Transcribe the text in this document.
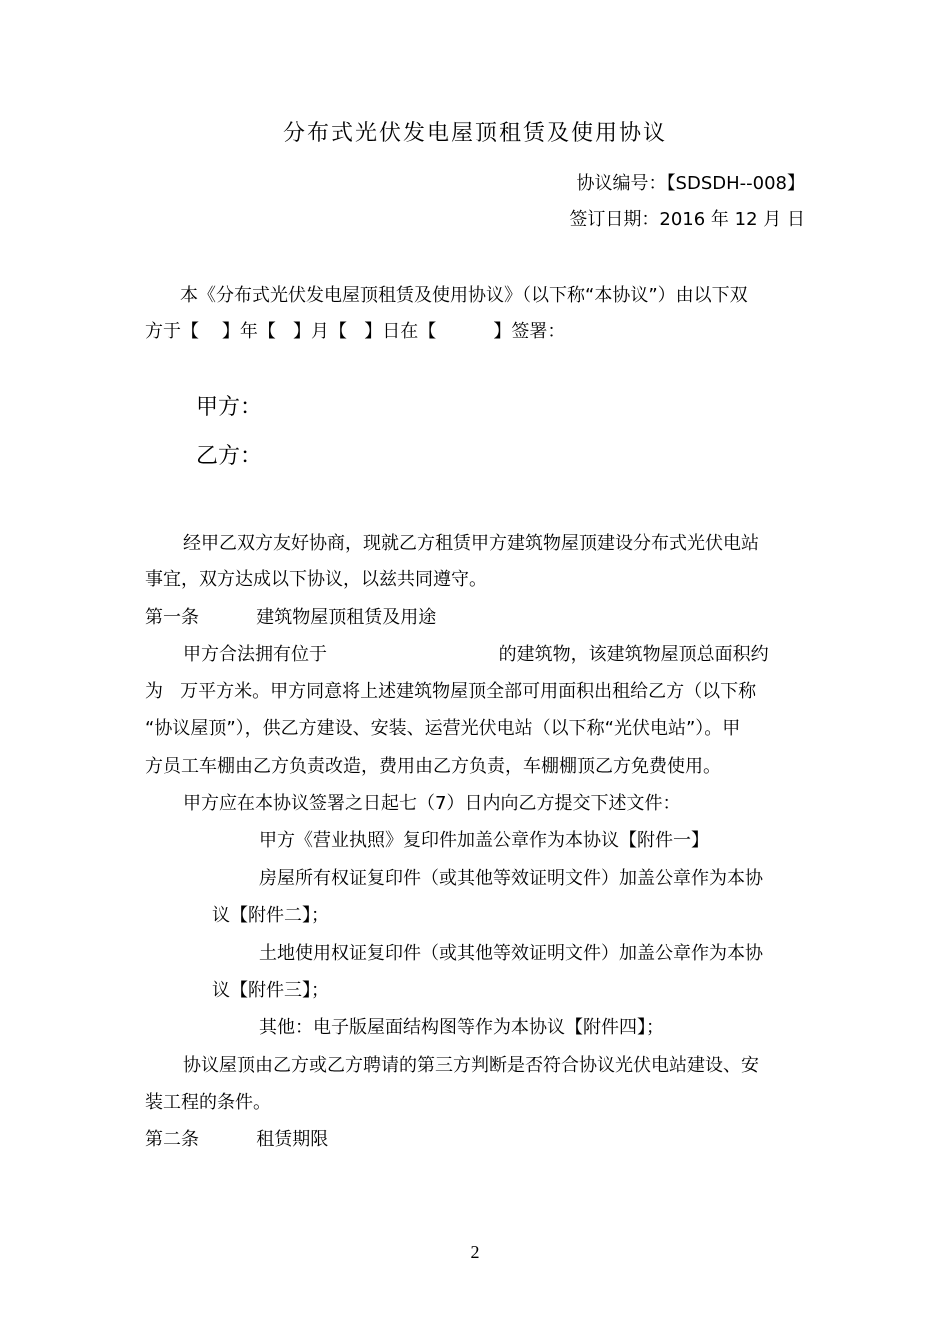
分布式光伏发电屋顶租赁及使用协议
协议编号：【SDSDH--008】
签订日期：2016 年 12 月 日
本《分布式光伏发电屋顶租赁及使用协议》（以下称“本协议”）由以下双
方于【    】年【   】月【   】日在【          】签署：
甲方：
乙方：
经甲乙双方友好协商，现就乙方租赁甲方建筑物屋顶建设分布式光伏电站
事宜，双方达成以下协议，以兹共同遵守。
第一条          建筑物屋顶租赁及用途
甲方合法拥有位于                              的建筑物，该建筑物屋顶总面积约
为   万平方米。甲方同意将上述建筑物屋顶全部可用面积出租给乙方（以下称
“协议屋顶”），供乙方建设、安装、运营光伏电站（以下称“光伏电站”）。甲
方员工车棚由乙方负责改造，费用由乙方负责，车棚棚顶乙方免费使用。
甲方应在本协议签署之日起七（7）日内向乙方提交下述文件：
甲方《营业执照》复印件加盖公章作为本协议【附件一】
房屋所有权证复印件（或其他等效证明文件）加盖公章作为本协
议【附件二】；
土地使用权证复印件（或其他等效证明文件）加盖公章作为本协
议【附件三】；
其他：电子版屋面结构图等作为本协议【附件四】；
协议屋顶由乙方或乙方聘请的第三方判断是否符合协议光伏电站建设、安
装工程的条件。
第二条          租赁期限
2
